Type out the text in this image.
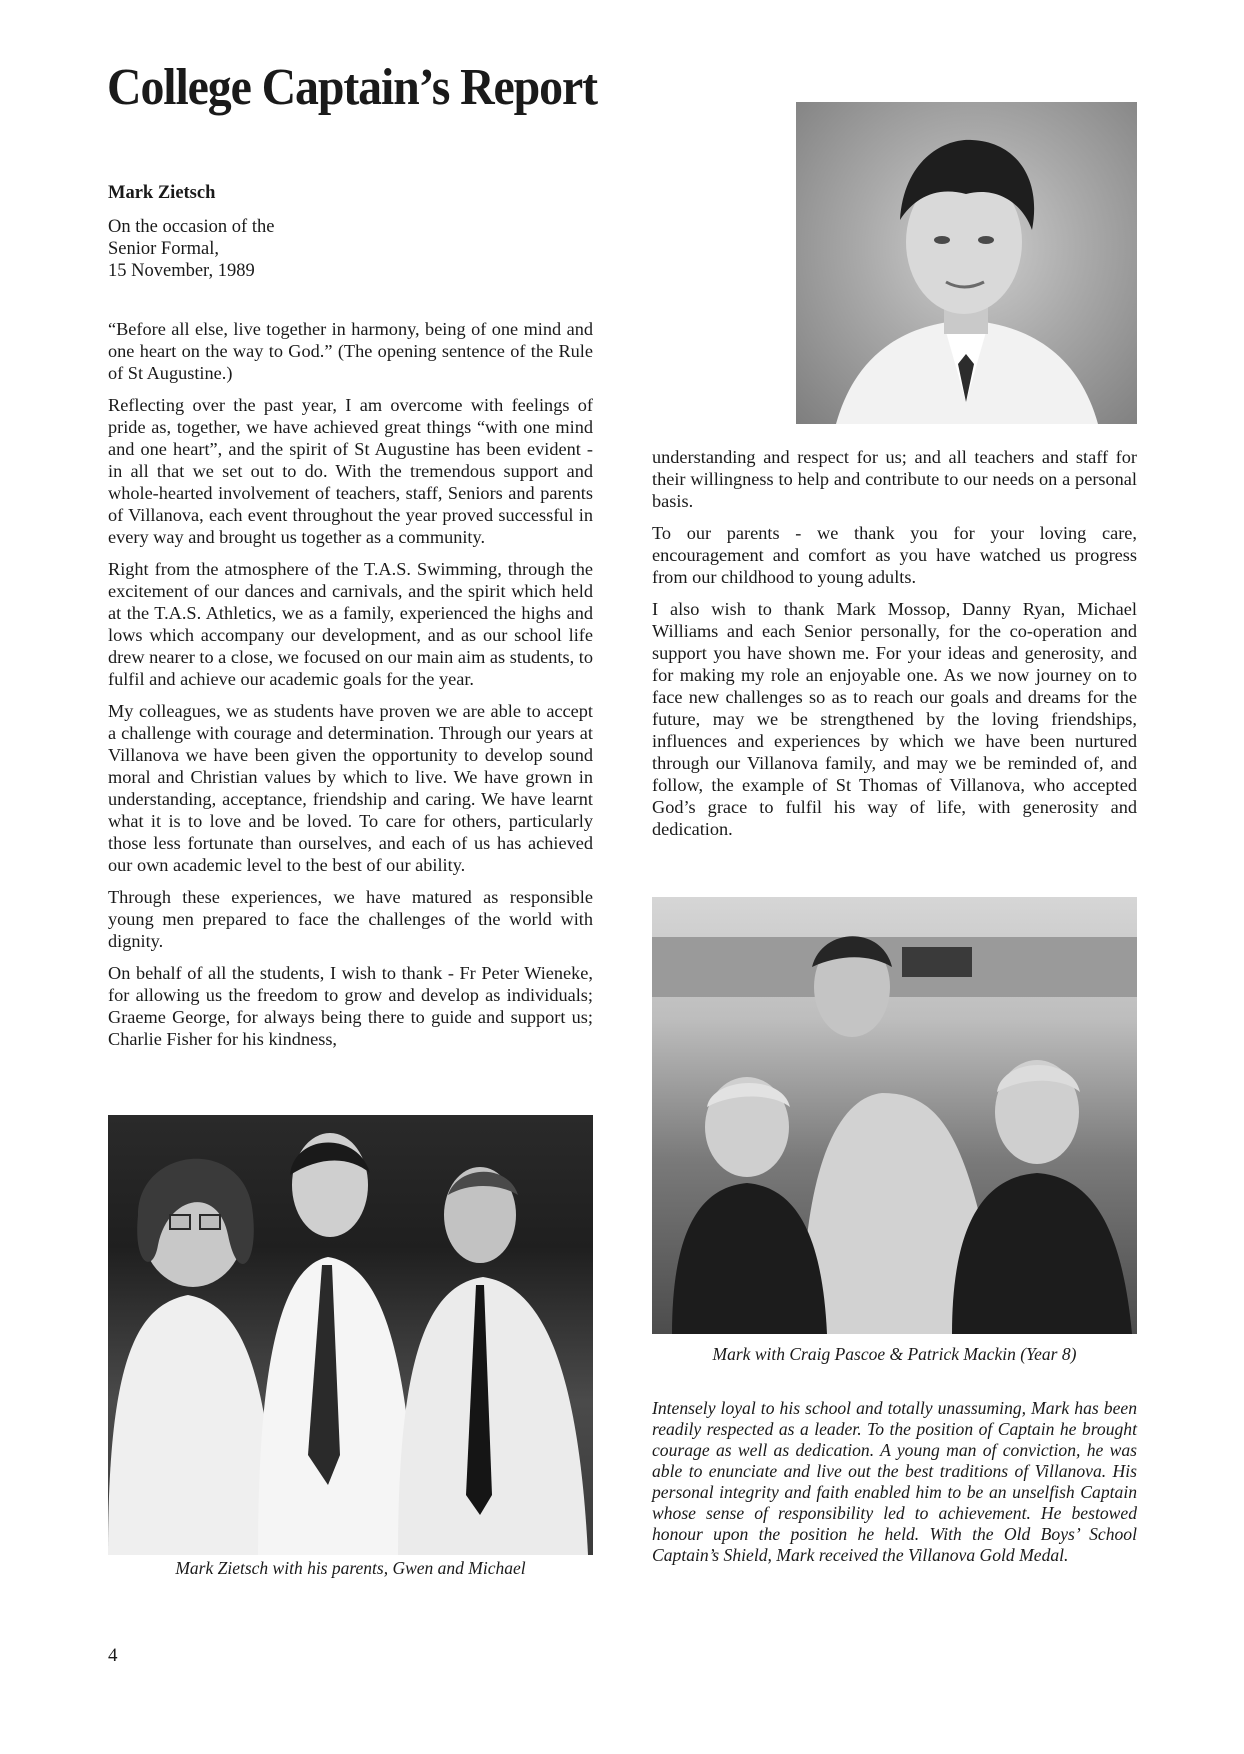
College Captain’s Report
Mark Zietsch
On the occasion of the
Senior Formal,
15 November, 1989

“Before all else, live together in harmony, being of one mind and one heart on the way to God.” (The opening sentence of the Rule of St Augustine.)

Reflecting over the past year, I am overcome with feelings of pride as, together, we have achieved great things “with one mind and one heart”, and the spirit of St Augustine has been evident - in all that we set out to do. With the tremendous support and whole-hearted involvement of teachers, staff, Seniors and parents of Villanova, each event throughout the year proved successful in every way and brought us together as a community.

Right from the atmosphere of the T.A.S. Swimming, through the excitement of our dances and carnivals, and the spirit which held at the T.A.S. Athletics, we as a family, experienced the highs and lows which accompany our development, and as our school life drew nearer to a close, we focused on our main aim as students, to fulfil and achieve our academic goals for the year.

My colleagues, we as students have proven we are able to accept a challenge with courage and determination. Through our years at Villanova we have been given the opportunity to develop sound moral and Christian values by which to live. We have grown in understanding, acceptance, friendship and caring. We have learnt what it is to love and be loved. To care for others, particularly those less fortunate than ourselves, and each of us has achieved our own academic level to the best of our ability.

Through these experiences, we have matured as responsible young men prepared to face the challenges of the world with dignity.

On behalf of all the students, I wish to thank - Fr Peter Wieneke, for allowing us the freedom to grow and develop as individuals; Graeme George, for always being there to guide and support us; Charlie Fisher for his kindness,

understanding and respect for us; and all teachers and staff for their willingness to help and contribute to our needs on a personal basis.

To our parents - we thank you for your loving care, encouragement and comfort as you have watched us progress from our childhood to young adults.

I also wish to thank Mark Mossop, Danny Ryan, Michael Williams and each Senior personally, for the co-operation and support you have shown me. For your ideas and generosity, and for making my role an enjoyable one. As we now journey on to face new challenges so as to reach our goals and dreams for the future, may we be strengthened by the loving friendships, influences and experiences by which we have been nurtured through our Villanova family, and may we be reminded of, and follow, the example of St Thomas of Villanova, who accepted God’s grace to fulfil his way of life, with generosity and dedication.

Mark with Craig Pascoe & Patrick Mackin (Year 8)
Intensely loyal to his school and totally unassuming, Mark has been readily respected as a leader. To the position of Captain he brought courage as well as dedication. A young man of conviction, he was able to enunciate and live out the best traditions of Villanova. His personal integrity and faith enabled him to be an unselfish Captain whose sense of responsibility led to achievement. He bestowed honour upon the position he held. With the Old Boys’ School Captain’s Shield, Mark received the Villanova Gold Medal.
Mark Zietsch with his parents, Gwen and Michael
4
